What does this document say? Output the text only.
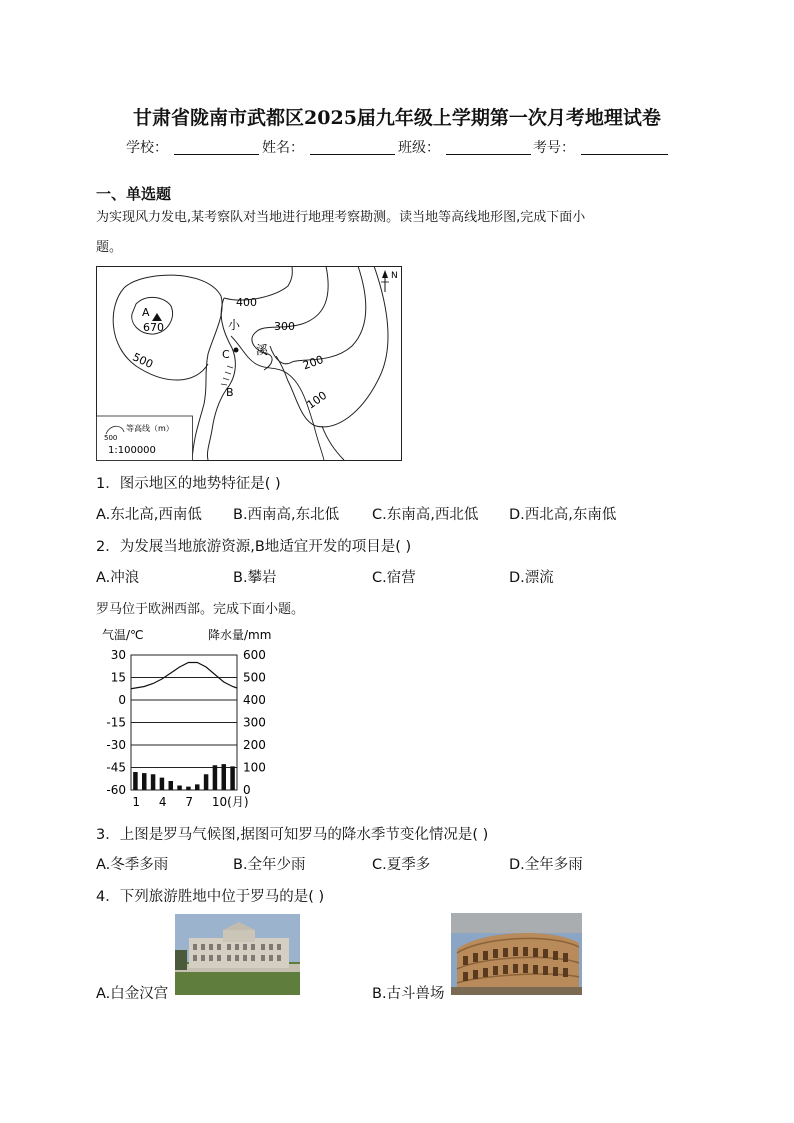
甘肃省陇南市武都区2025届九年级上学期第一次月考地理试卷
学校：	姓名：	班级：	考号：
一、单选题
为实现风力发电,某考察队对当地进行地理考察勘测。读当地等高线地形图,完成下面小
题。
A
670
500
400
300
200
100
小
溪
C
B
N
500
等高线（m）
1:100000
1．图示地区的地势特征是( )
A.东北高,西南低 B.西南高,东北低 C.东南高,西北低 D.西北高,东南低
2．为发展当地旅游资源,B地适宜开发的项目是( )
A.冲浪	B.攀岩	C.宿营	D.漂流
罗马位于欧洲西部。完成下面小题。
气温/℃	降水量/mm
30
15
0
-15
-30
-45
-60
600
500
400
300
200
100
0
1 4 7 10(月)
3．上图是罗马气候图,据图可知罗马的降水季节变化情况是( )
A.冬季多雨	B.全年少雨	C.夏季多	D.全年多雨
4．下列旅游胜地中位于罗马的是( )
A.白金汉宫	B.古斗兽场
